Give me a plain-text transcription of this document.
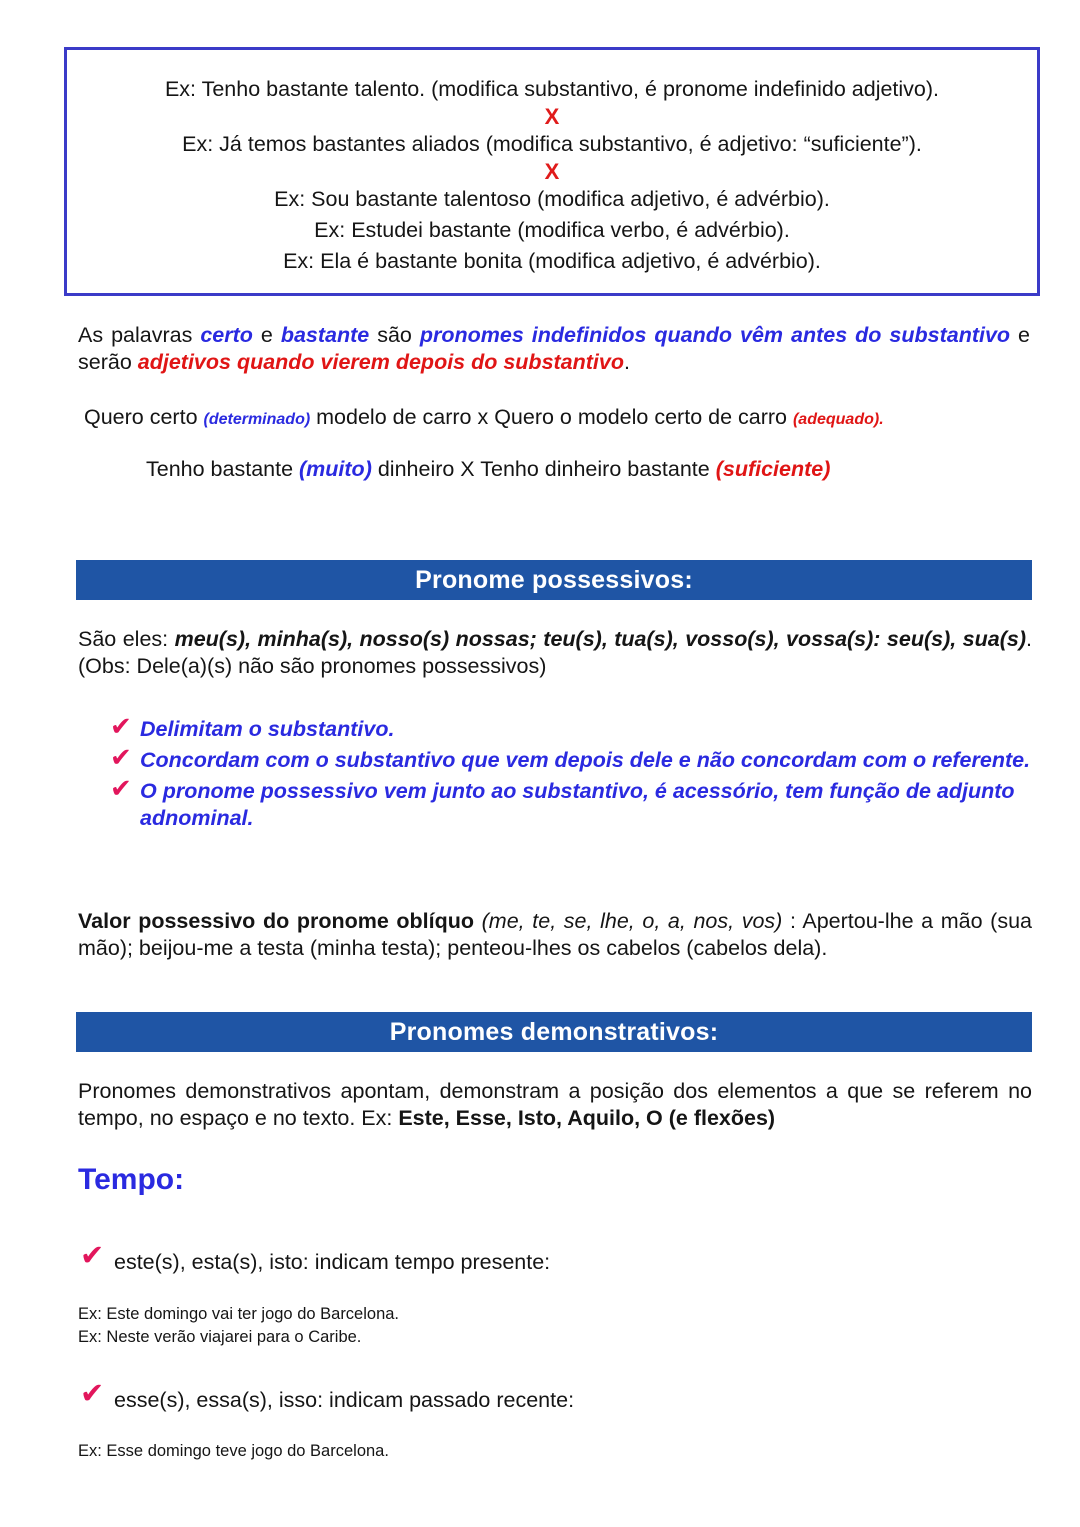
Ex: Tenho bastante talento. (modifica substantivo, é pronome indefinido adjetivo).
X
Ex: Já temos bastantes aliados (modifica substantivo, é adjetivo: “suficiente”).
X
Ex: Sou bastante talentoso (modifica adjetivo, é advérbio).
Ex: Estudei bastante (modifica verbo, é advérbio).
Ex: Ela é bastante bonita (modifica adjetivo, é advérbio).
As palavras certo e bastante são pronomes indefinidos quando vêm antes do substantivo e serão adjetivos quando vierem depois do substantivo.
Quero certo (determinado) modelo de carro x Quero o modelo certo de carro (adequado).
Tenho bastante (muito) dinheiro X Tenho dinheiro bastante (suficiente)
Pronome possessivos:
São eles: meu(s), minha(s), nosso(s) nossas; teu(s), tua(s), vosso(s), vossa(s): seu(s), sua(s). (Obs: Dele(a)(s) não são pronomes possessivos)
✔ Delimitam o substantivo.
✔ Concordam com o substantivo que vem depois dele e não concordam com o referente.
✔ O pronome possessivo vem junto ao substantivo, é acessório, tem função de adjunto adnominal.
Valor possessivo do pronome oblíquo (me, te, se, lhe, o, a, nos, vos) : Apertou-lhe a mão (sua mão); beijou-me a testa (minha testa); penteou-lhes os cabelos (cabelos dela).
Pronomes demonstrativos:
Pronomes demonstrativos apontam, demonstram a posição dos elementos a que se referem no tempo, no espaço e no texto. Ex: Este, Esse, Isto, Aquilo, O (e flexões)
Tempo:
✔ este(s), esta(s), isto: indicam tempo presente:
Ex: Este domingo vai ter jogo do Barcelona.
Ex: Neste verão viajarei para o Caribe.
✔ esse(s), essa(s), isso: indicam passado recente:
Ex: Esse domingo teve jogo do Barcelona.
